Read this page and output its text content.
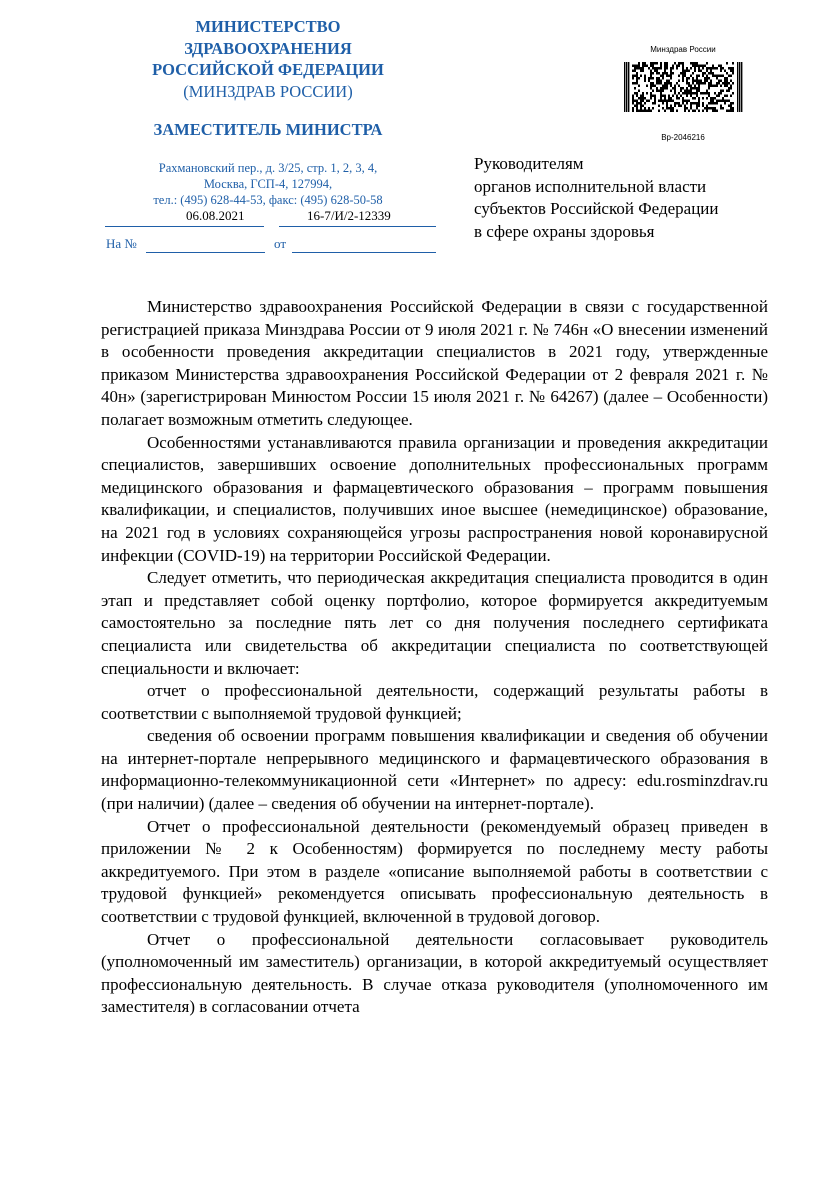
МИНИСТЕРСТВО
ЗДРАВООХРАНЕНИЯ
РОССИЙСКОЙ ФЕДЕРАЦИИ
(МИНЗДРАВ РОССИИ)
ЗАМЕСТИТЕЛЬ МИНИСТРА
Рахмановский пер., д. 3/25, стр. 1, 2, 3, 4,
Москва, ГСП-4, 127994,
тел.: (495) 628-44-53, факс: (495) 628-50-58
06.08.2021	16-7/И/2-12339
На №	от
Минздрав России
Вр-2046216
Руководителям
органов исполнительной власти
субъектов Российской Федерации
в сфере охраны здоровья

Министерство здравоохранения Российской Федерации в связи с государственной регистрацией приказа Минздрава России от 9 июля 2021 г. № 746н «О внесении изменений в особенности проведения аккредитации специалистов в 2021 году, утвержденные приказом Министерства здравоохранения Российской Федерации от 2 февраля 2021 г. № 40н» (зарегистрирован Минюстом России 15 июля 2021 г. № 64267) (далее – Особенности) полагает возможным отметить следующее.

Особенностями устанавливаются правила организации и проведения аккредитации специалистов, завершивших освоение дополнительных профессиональных программ медицинского образования и фармацевтического образования – программ повышения квалификации, и специалистов, получивших иное высшее (немедицинское) образование, на 2021 год в условиях сохраняющейся угрозы распространения новой коронавирусной инфекции (COVID-19) на территории Российской Федерации.

Следует отметить, что периодическая аккредитация специалиста проводится в один этап и представляет собой оценку портфолио, которое формируется аккредитуемым самостоятельно за последние пять лет со дня получения последнего сертификата специалиста или свидетельства об аккредитации специалиста по соответствующей специальности и включает:

отчет о профессиональной деятельности, содержащий результаты работы в соответствии с выполняемой трудовой функцией;

сведения об освоении программ повышения квалификации и сведения об обучении на интернет-портале непрерывного медицинского и фармацевтического образования в информационно-телекоммуникационной сети «Интернет» по адресу: edu.rosminzdrav.ru (при наличии) (далее – сведения об обучении на интернет-портале).

Отчет о профессиональной деятельности (рекомендуемый образец приведен в приложении № 2 к Особенностям) формируется по последнему месту работы аккредитуемого. При этом в разделе «описание выполняемой работы в соответствии с трудовой функцией» рекомендуется описывать профессиональную деятельность в соответствии с трудовой функцией, включенной в трудовой договор.

Отчет о профессиональной деятельности согласовывает руководитель (уполномоченный им заместитель) организации, в которой аккредитуемый осуществляет профессиональную деятельность. В случае отказа руководителя (уполномоченного им заместителя) в согласовании отчета
